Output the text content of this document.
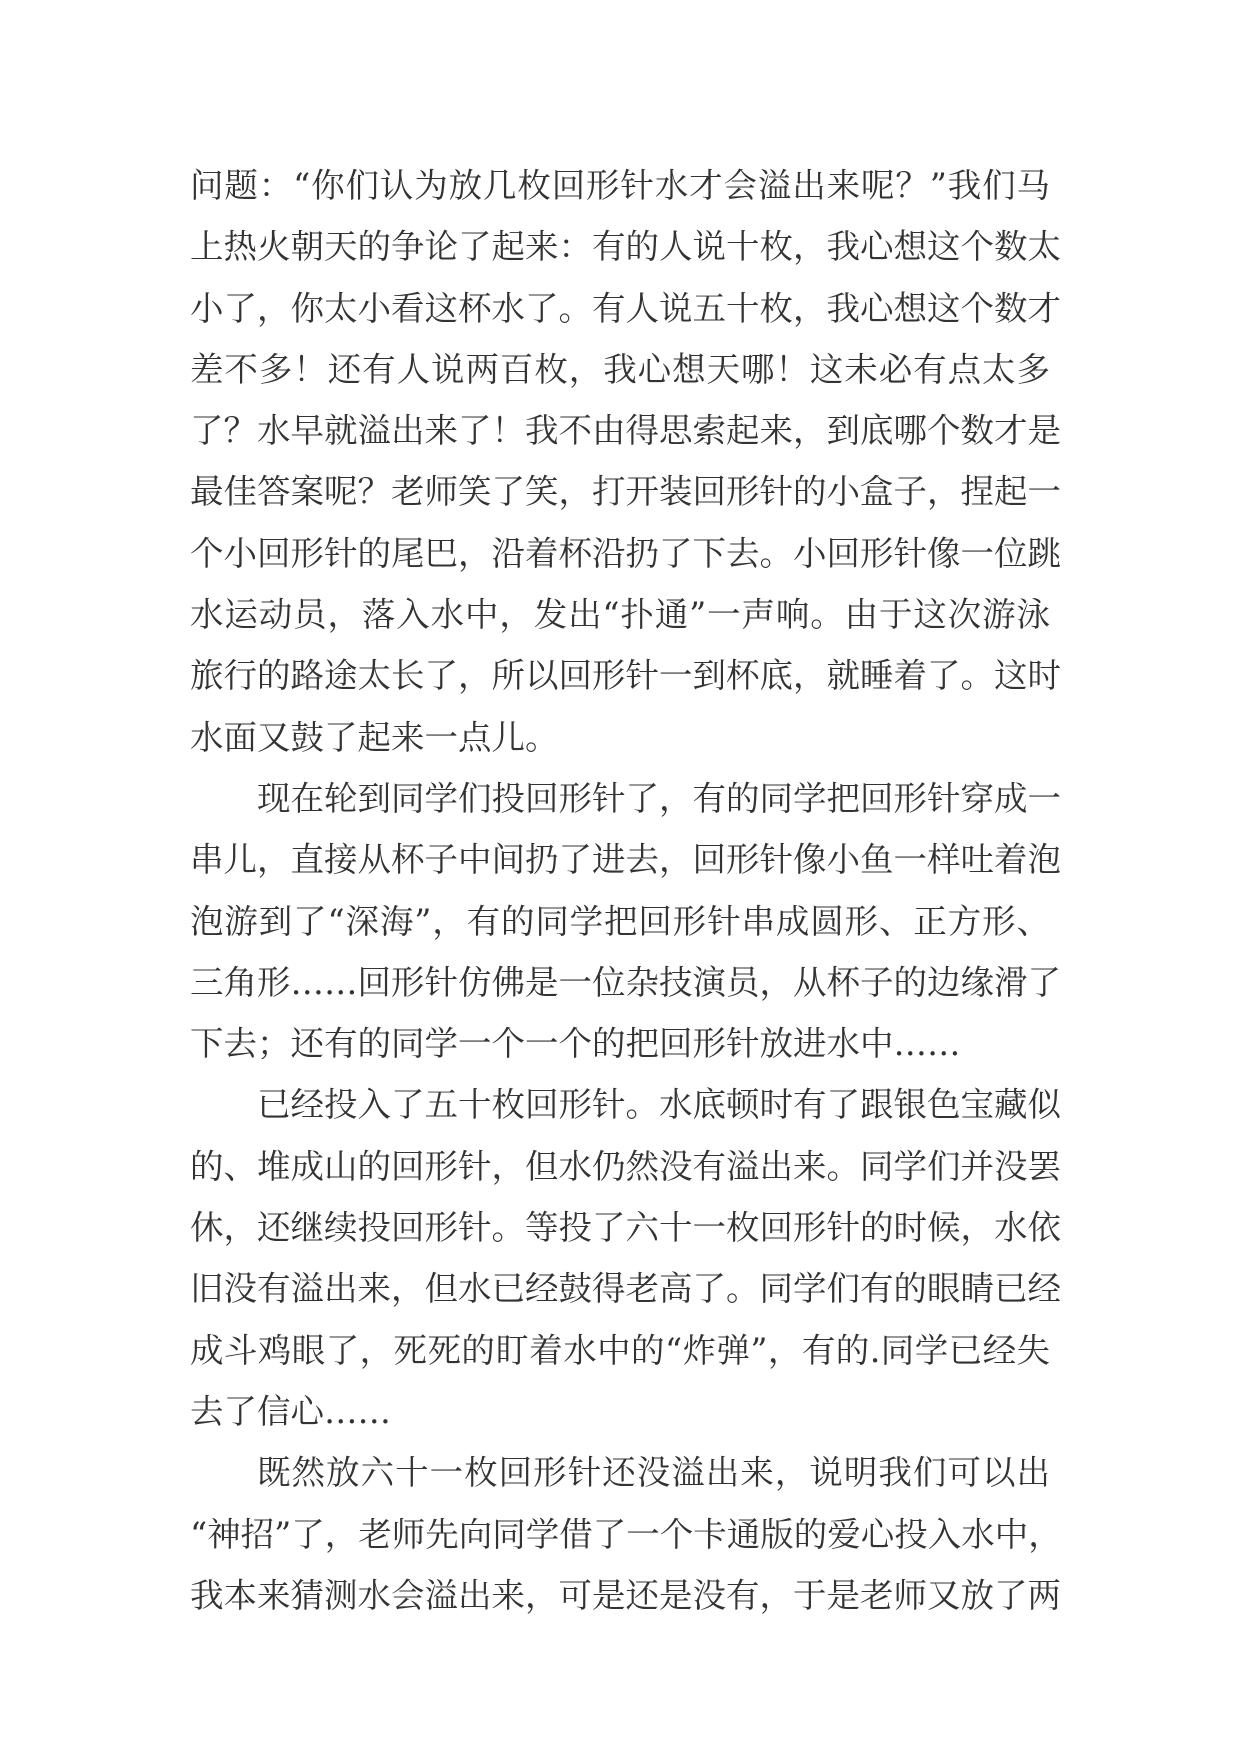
问题：“你们认为放几枚回形针水才会溢出来呢？”我们马
上热火朝天的争论了起来：有的人说十枚，我心想这个数太
小了，你太小看这杯水了。有人说五十枚，我心想这个数才
差不多！还有人说两百枚，我心想天哪！这未必有点太多
了？水早就溢出来了！我不由得思索起来，到底哪个数才是
最佳答案呢？老师笑了笑，打开装回形针的小盒子，捏起一
个小回形针的尾巴，沿着杯沿扔了下去。小回形针像一位跳
水运动员，落入水中，发出“扑通”一声响。由于这次游泳
旅行的路途太长了，所以回形针一到杯底，就睡着了。这时
水面又鼓了起来一点儿。
现在轮到同学们投回形针了，有的同学把回形针穿成一
串儿，直接从杯子中间扔了进去，回形针像小鱼一样吐着泡
泡游到了“深海”，有的同学把回形针串成圆形、正方形、
三角形……回形针仿佛是一位杂技演员，从杯子的边缘滑了
下去；还有的同学一个一个的把回形针放进水中……
已经投入了五十枚回形针。水底顿时有了跟银色宝藏似
的、堆成山的回形针，但水仍然没有溢出来。同学们并没罢
休，还继续投回形针。等投了六十一枚回形针的时候，水依
旧没有溢出来，但水已经鼓得老高了。同学们有的眼睛已经
成斗鸡眼了，死死的盯着水中的“炸弹”，有的.同学已经失
去了信心……
既然放六十一枚回形针还没溢出来，说明我们可以出
“神招”了，老师先向同学借了一个卡通版的爱心投入水中，
我本来猜测水会溢出来，可是还是没有，于是老师又放了两
